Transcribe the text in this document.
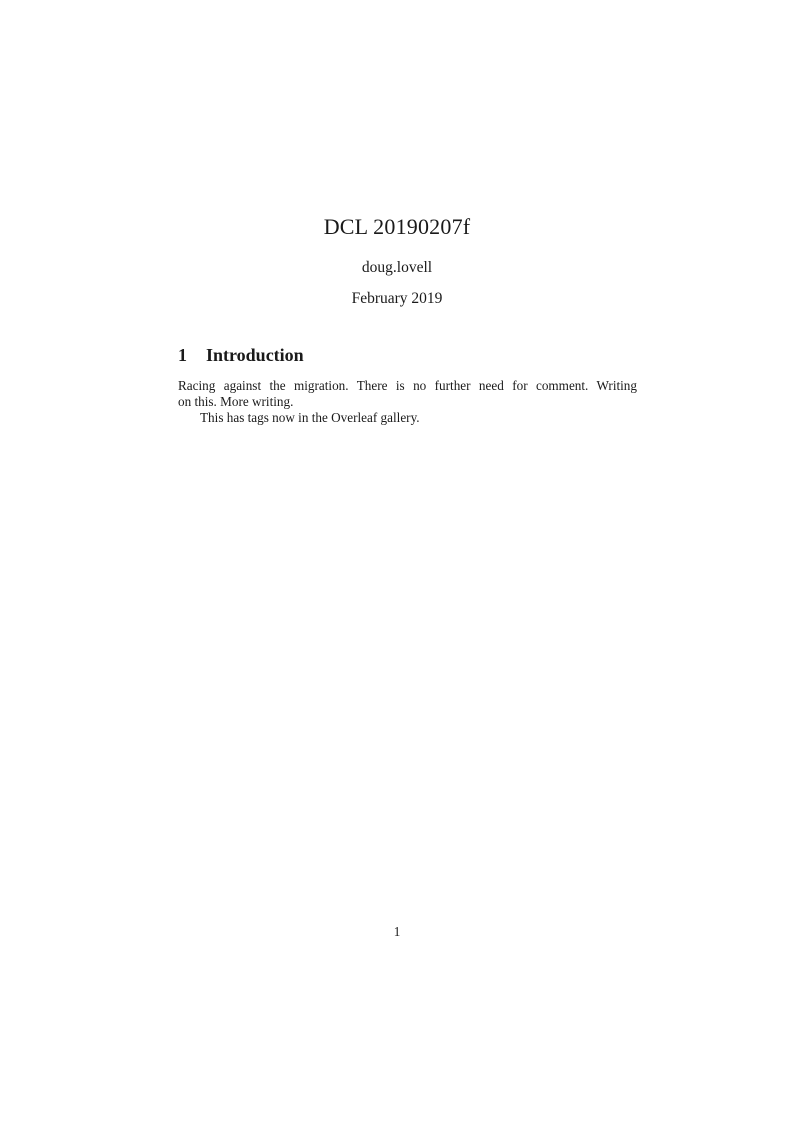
DCL 20190207f
doug.lovell
February 2019
1 Introduction
Racing against the migration. There is no further need for comment. Writing
on this. More writing.
This has tags now in the Overleaf gallery.
1
